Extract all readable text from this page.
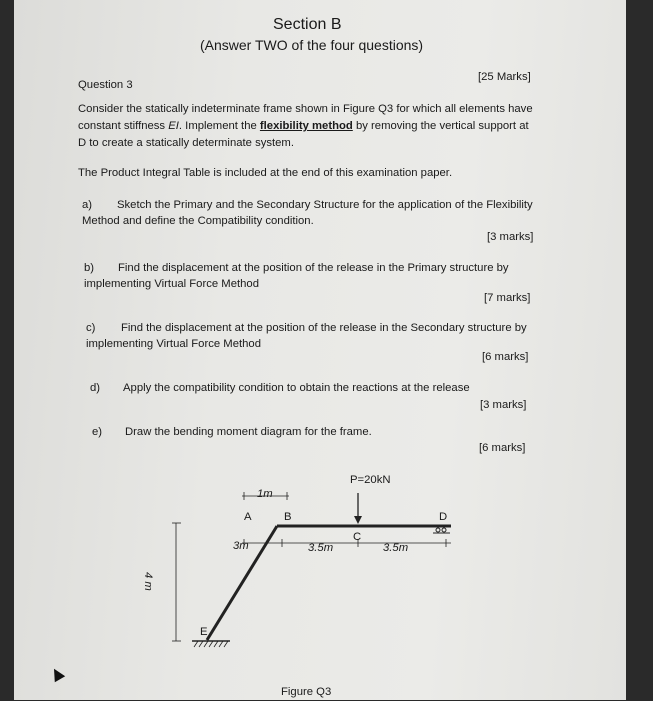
Section B
(Answer TWO of the four questions)
Question 3
[25 Marks]
Consider the statically indeterminate frame shown in Figure Q3 for which all elements have
constant stiffness EI. Implement the flexibility method by removing the vertical support at
D to create a statically determinate system.
The Product Integral Table is included at the end of this examination paper.
a) Sketch the Primary and the Secondary Structure for the application of the Flexibility
Method and define the Compatibility condition.
[3 marks]
b) Find the displacement at the position of the release in the Primary structure by
implementing Virtual Force Method
[7 marks]
c) Find the displacement at the position of the release in the Secondary structure by
implementing Virtual Force Method
[6 marks]
d) Apply the compatibility condition to obtain the reactions at the release
[3 marks]
e) Draw the bending moment diagram for the frame.
[6 marks]
P=20kN
1m
A	B
C
D
3m	3.5m	3.5m
4 m
E
Figure Q3
